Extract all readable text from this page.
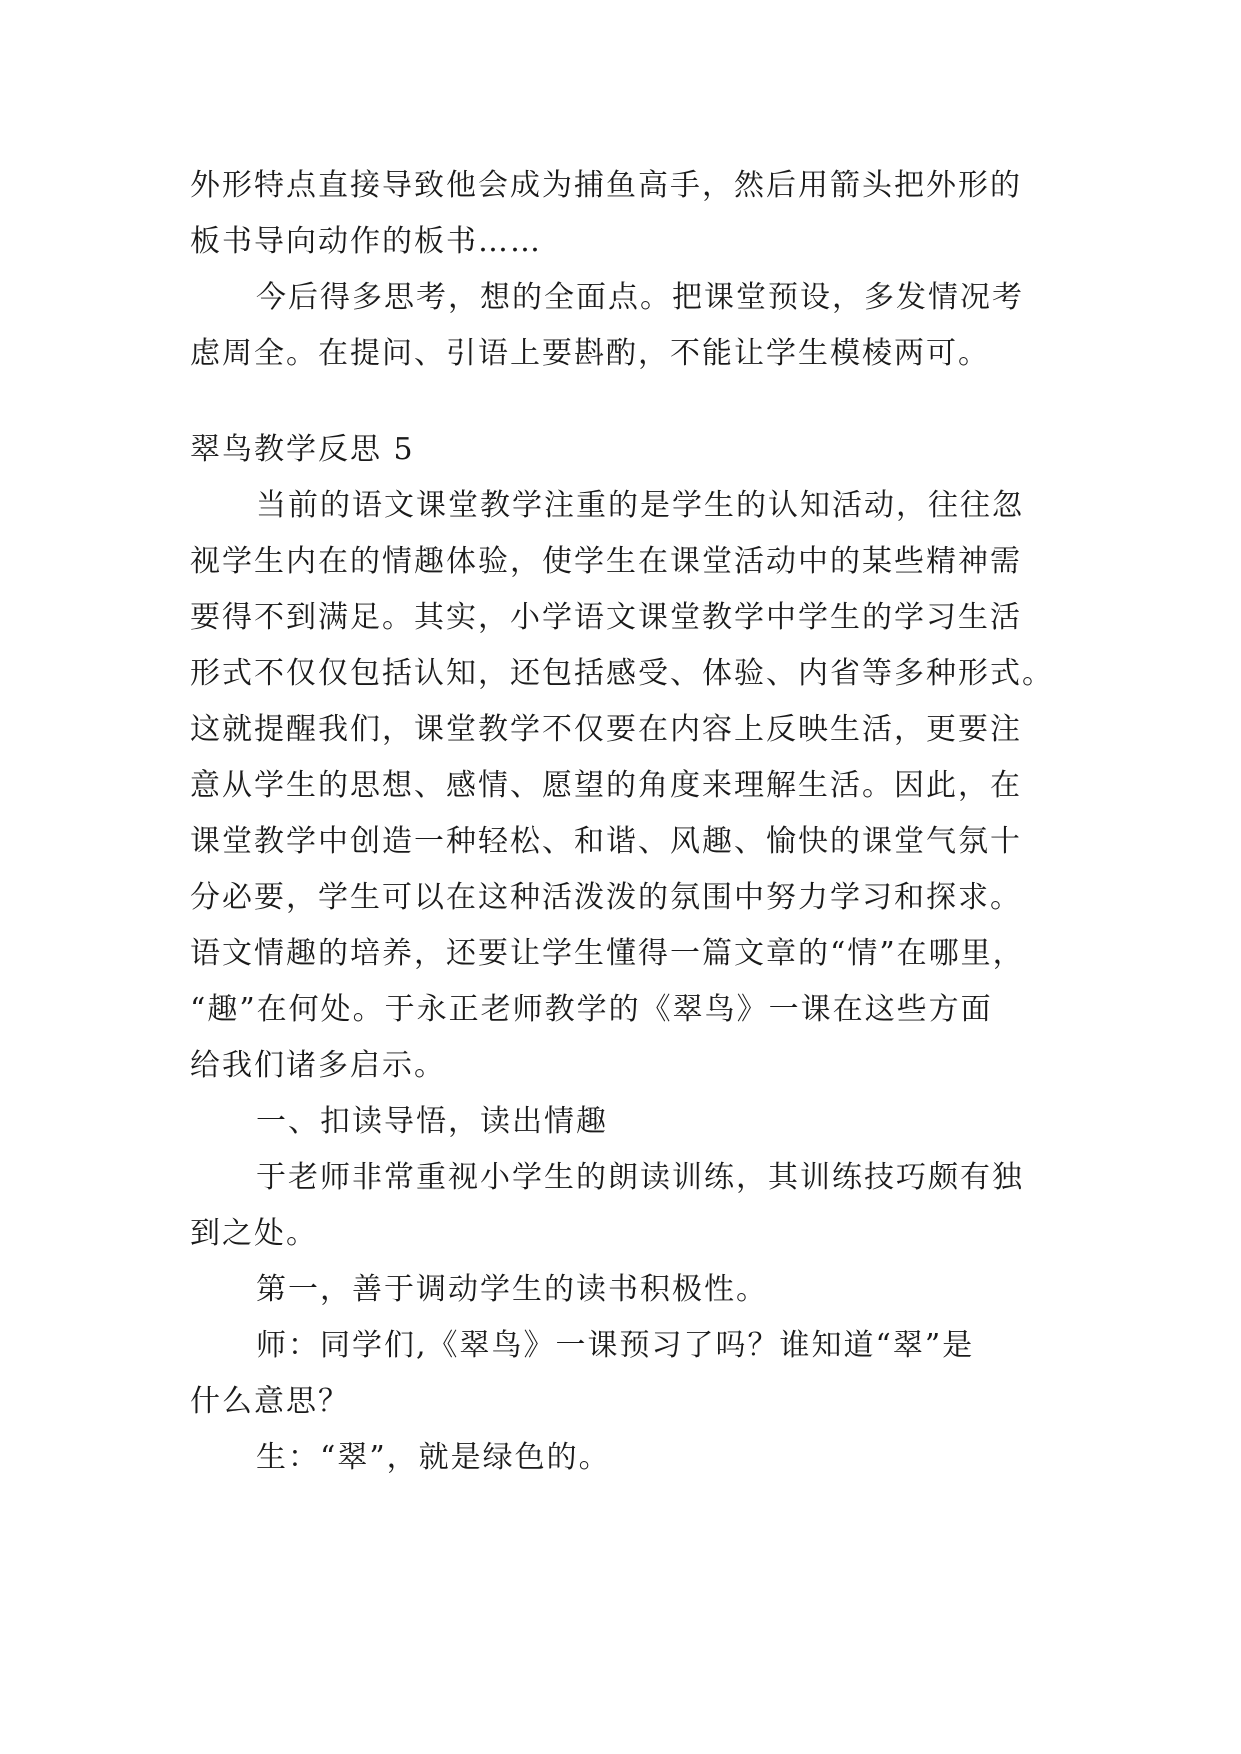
外形特点直接导致他会成为捕鱼高手，然后用箭头把外形的
板书导向动作的板书……
今后得多思考，想的全面点。把课堂预设，多发情况考
虑周全。在提问、引语上要斟酌，不能让学生模棱两可。
翠鸟教学反思 5
当前的语文课堂教学注重的是学生的认知活动，往往忽
视学生内在的情趣体验，使学生在课堂活动中的某些精神需
要得不到满足。其实，小学语文课堂教学中学生的学习生活
形式不仅仅包括认知，还包括感受、体验、内省等多种形式。
这就提醒我们，课堂教学不仅要在内容上反映生活，更要注
意从学生的思想、感情、愿望的角度来理解生活。因此，在
课堂教学中创造一种轻松、和谐、风趣、愉快的课堂气氛十
分必要，学生可以在这种活泼泼的氛围中努力学习和探求。
语文情趣的培养，还要让学生懂得一篇文章的“情”在哪里，
“趣”在何处。于永正老师教学的《翠鸟》一课在这些方面
给我们诸多启示。
一、扣读导悟，读出情趣
于老师非常重视小学生的朗读训练，其训练技巧颇有独
到之处。
第一，善于调动学生的读书积极性。
师：同学们,《翠鸟》一课预习了吗？谁知道“翠”是
什么意思？
生：“翠”，就是绿色的。
